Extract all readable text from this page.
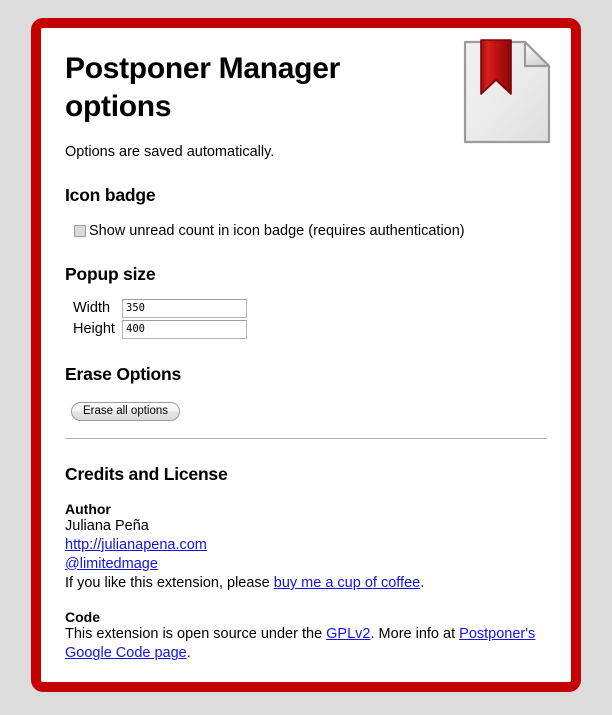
Postponer Manager options

Options are saved automatically.

Icon badge
Show unread count in icon badge (requires authentication)
Popup size
Width
350
Height
400
Erase Options
Erase all options
Credits and License
Author
Juliana Peña
http://julianapena.com
@limitedmage
If you like this extension, please buy me a cup of coffee.
Code
This extension is open source under the GPLv2. More info at Postponer's Google Code page.
